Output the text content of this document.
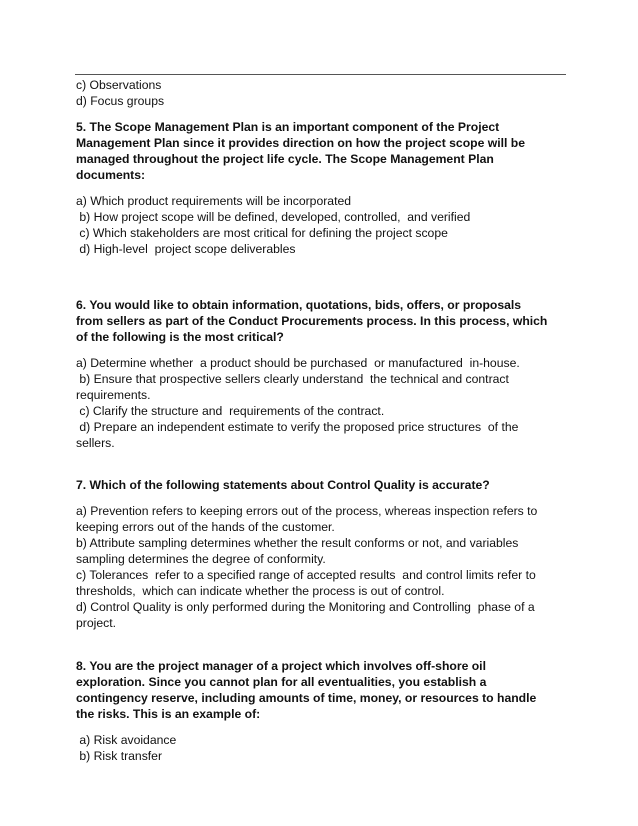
c) Observations
d) Focus groups
5. The Scope Management Plan is an important component of the Project
Management Plan since it provides direction on how the project scope will be
managed throughout the project life cycle. The Scope Management Plan
documents:
a) Which product requirements will be incorporated
b) How project scope will be defined, developed, controlled,  and verified
c) Which stakeholders are most critical for defining the project scope
d) High-level  project scope deliverables
6. You would like to obtain information, quotations, bids, offers, or proposals
from sellers as part of the Conduct Procurements process. In this process, which
of the following is the most critical?
a) Determine whether  a product should be purchased  or manufactured  in-house.
b) Ensure that prospective sellers clearly understand  the technical and contract
requirements.
c) Clarify the structure and  requirements of the contract.
d) Prepare an independent estimate to verify the proposed price structures  of the
sellers.
7. Which of the following statements about Control Quality is accurate?
a) Prevention refers to keeping errors out of the process, whereas inspection refers to
keeping errors out of the hands of the customer.
b) Attribute sampling determines whether the result conforms or not, and variables
sampling determines the degree of conformity.
c) Tolerances  refer to a specified range of accepted results  and control limits refer to
thresholds,  which can indicate whether the process is out of control.
d) Control Quality is only performed during the Monitoring and Controlling  phase of a
project.
8. You are the project manager of a project which involves off-shore oil
exploration. Since you cannot plan for all eventualities, you establish a
contingency reserve, including amounts of time, money, or resources to handle
the risks. This is an example of:
a) Risk avoidance
b) Risk transfer
